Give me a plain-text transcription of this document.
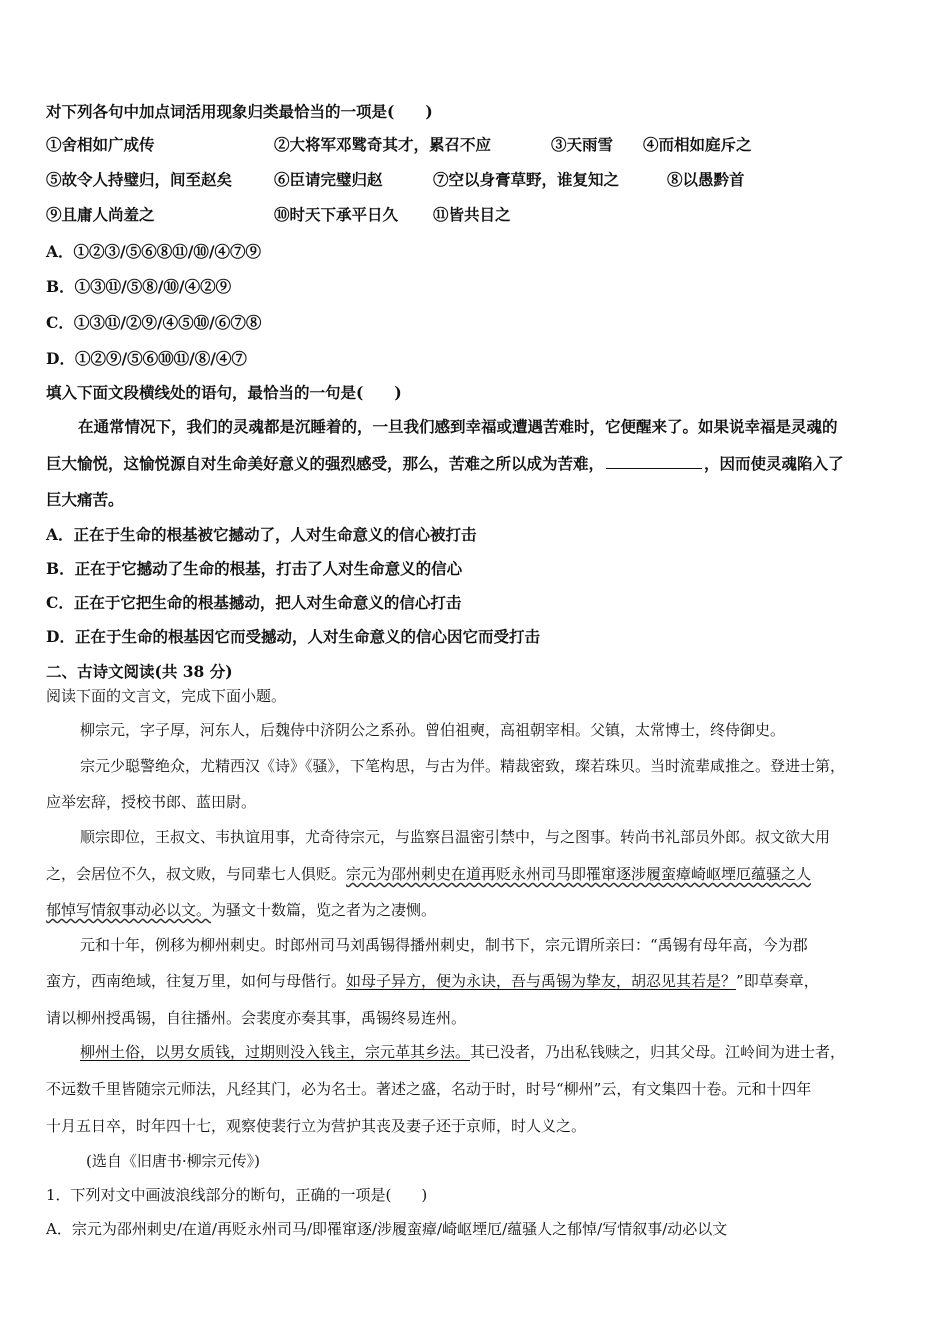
对下列各句中加点词活用现象归类最恰当的一项是(　　)
①舍相如广成传	②大将军邓骘奇其才，累召不应	③天雨雪 ④而相如庭斥之
⑤故令人持璧归，间至赵矣	⑥臣请完璧归赵	⑦空以身膏草野，谁复知之	⑧以愚黔首
⑨且庸人尚羞之	⑩时天下承平日久 ⑪皆共目之
A．①②③/⑤⑥⑧⑪/⑩/④⑦⑨
B．①③⑪/⑤⑧/⑩/④②⑨
C．①③⑪/②⑨/④⑤⑩/⑥⑦⑧
D．①②⑨/⑤⑥⑩⑪/⑧/④⑦
填入下面文段横线处的语句，最恰当的一句是(　　)
在通常情况下，我们的灵魂都是沉睡着的，一旦我们感到幸福或遭遇苦难时，它便醒来了。如果说幸福是灵魂的
巨大愉悦，这愉悦源自对生命美好意义的强烈感受，那么，苦难之所以成为苦难，	，因而使灵魂陷入了
巨大痛苦。
A．正在于生命的根基被它撼动了，人对生命意义的信心被打击
B．正在于它撼动了生命的根基，打击了人对生命意义的信心
C．正在于它把生命的根基撼动，把人对生命意义的信心打击
D．正在于生命的根基因它而受撼动，人对生命意义的信心因它而受打击
二、古诗文阅读(共 38 分)
阅读下面的文言文，完成下面小题。
柳宗元，字子厚，河东人，后魏侍中济阴公之系孙。曾伯祖奭，高祖朝宰相。父镇，太常博士，终侍御史。
宗元少聪警绝众，尤精西汉《诗》《骚》，下笔构思，与古为伴。精裁密致，璨若珠贝。当时流辈咸推之。登进士第，
应举宏辞，授校书郎、蓝田尉。
顺宗即位，王叔文、韦执谊用事，尤奇待宗元，与监察吕温密引禁中，与之图事。转尚书礼部员外郎。叔文欲大用
之，会居位不久，叔文败，与同辈七人俱贬。宗元为邵州刺史在道再贬永州司马即罹窜逐涉履蛮瘴崎岖堙厄蕴骚之人
郁悼写情叙事动必以文。为骚文十数篇，览之者为之凄恻。
元和十年，例移为柳州刺史。时郎州司马刘禹锡得播州刺史，制书下，宗元谓所亲曰：“禹锡有母年高，今为郡
蛮方，西南绝域，往复万里，如何与母偕行。如母子异方，便为永诀，吾与禹锡为挚友，胡忍见其若是？”即草奏章，
请以柳州授禹锡，自往播州。会裴度亦奏其事，禹锡终易连州。
柳州土俗，以男女质钱，过期则没入钱主，宗元革其乡法。其已没者，乃出私钱赎之，归其父母。江岭间为进士者，
不远数千里皆随宗元师法，凡经其门，必为名士。著述之盛，名动于时，时号“柳州”云，有文集四十卷。元和十四年
十月五日卒，时年四十七，观察使裴行立为营护其丧及妻子还于京师，时人义之。
(选自《旧唐书·柳宗元传》)
1．下列对文中画波浪线部分的断句，正确的一项是(　　)
A．宗元为邵州刺史/在道/再贬永州司马/即罹窜逐/涉履蛮瘴/崎岖堙厄/蕴骚人之郁悼/写情叙事/动必以文
